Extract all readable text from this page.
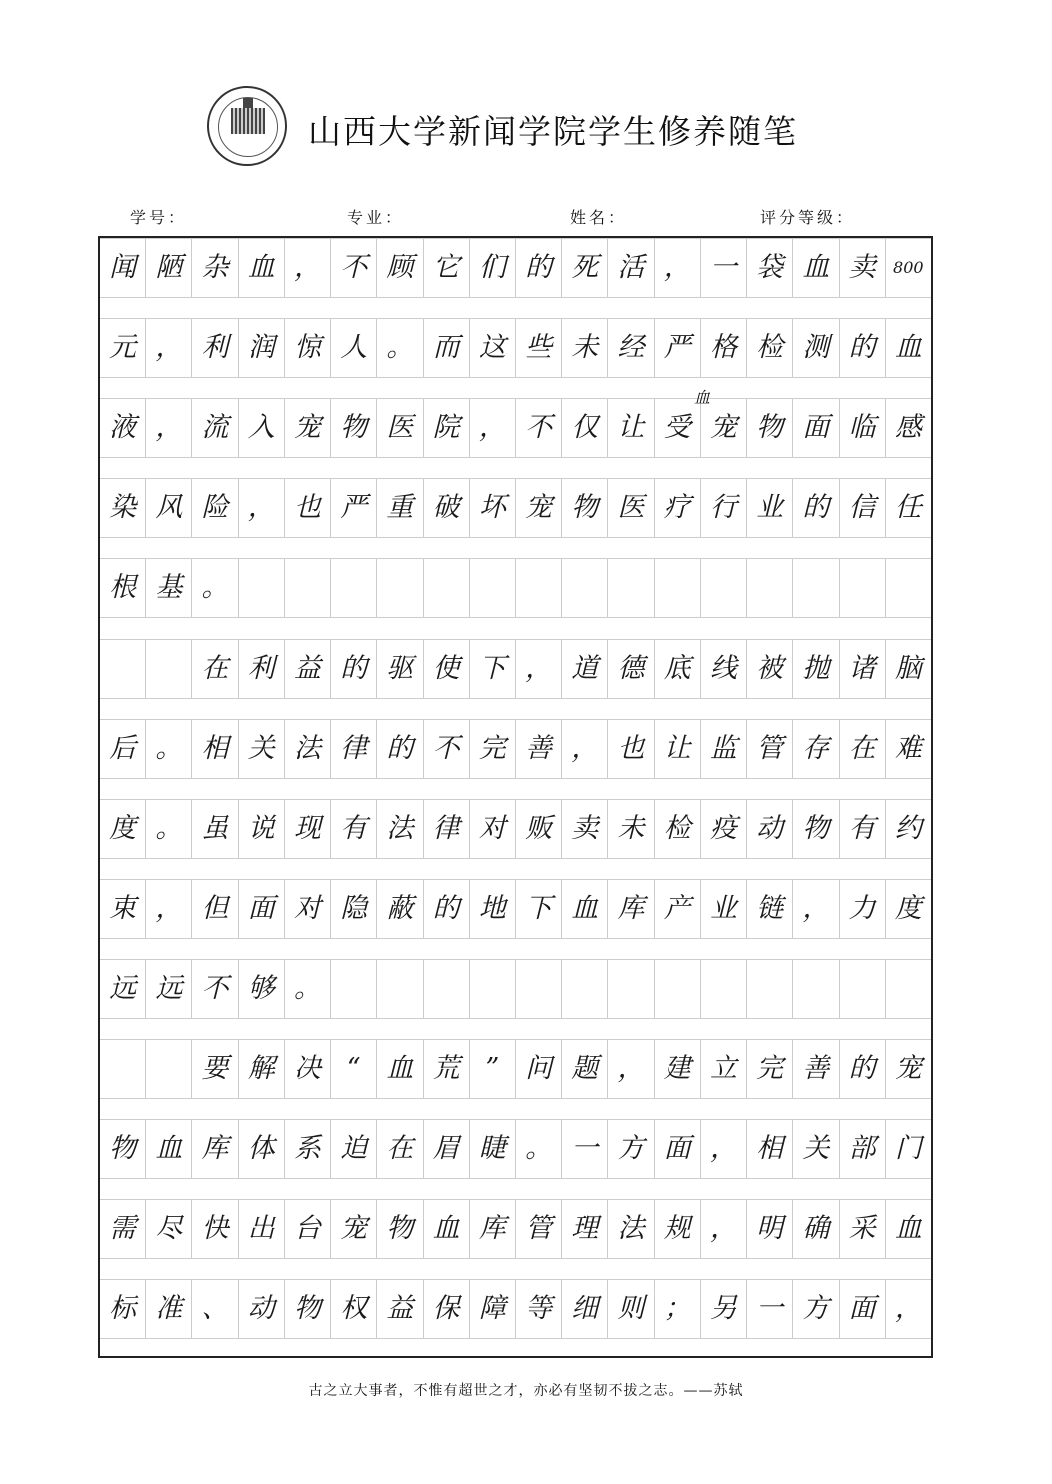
山西大学新闻学院学生修养随笔
学号：	专业：	姓名：	评分等级：
闻 陋 杂 血 ， 不 顾 它 们 的 死 活 ， 一 袋 血 卖	800
元 ， 利 润 惊 人 。 而 这 些 未 经 严 格 检 测 的 血
液 ， 流 入 宠 物 医 院 ， 不 仅 让 受 宠 物 面 临 感
染 风 险 ， 也 严 重 破 坏 宠 物 医 疗 行 业 的 信 任
根 基 。
在 利 益 的 驱 使 下 ， 道 德 底 线 被 抛 诸 脑
后 。 相 关 法 律 的 不 完 善 ， 也 让 监 管 存 在 难
度 。 虽 说 现 有 法 律 对 贩 卖 未 检 疫 动 物 有 约
束 ， 但 面 对 隐 蔽 的 地 下 血 库 产 业 链 ， 力 度
远 远 不 够 。
要 解 决 “ 血 荒 ” 问 题 ， 建 立 完 善 的 宠
物 血 库 体 系 迫 在 眉 睫 。 一 方 面 ， 相 关 部 门
需 尽 快 出 台 宠 物 血 库 管 理 法 规 ， 明 确 采 血
标 准 、 动 物 权 益 保 障 等 细 则 ； 另 一 方 面 ，
血
古之立大事者，不惟有超世之才，亦必有坚韧不拔之志。——苏轼
